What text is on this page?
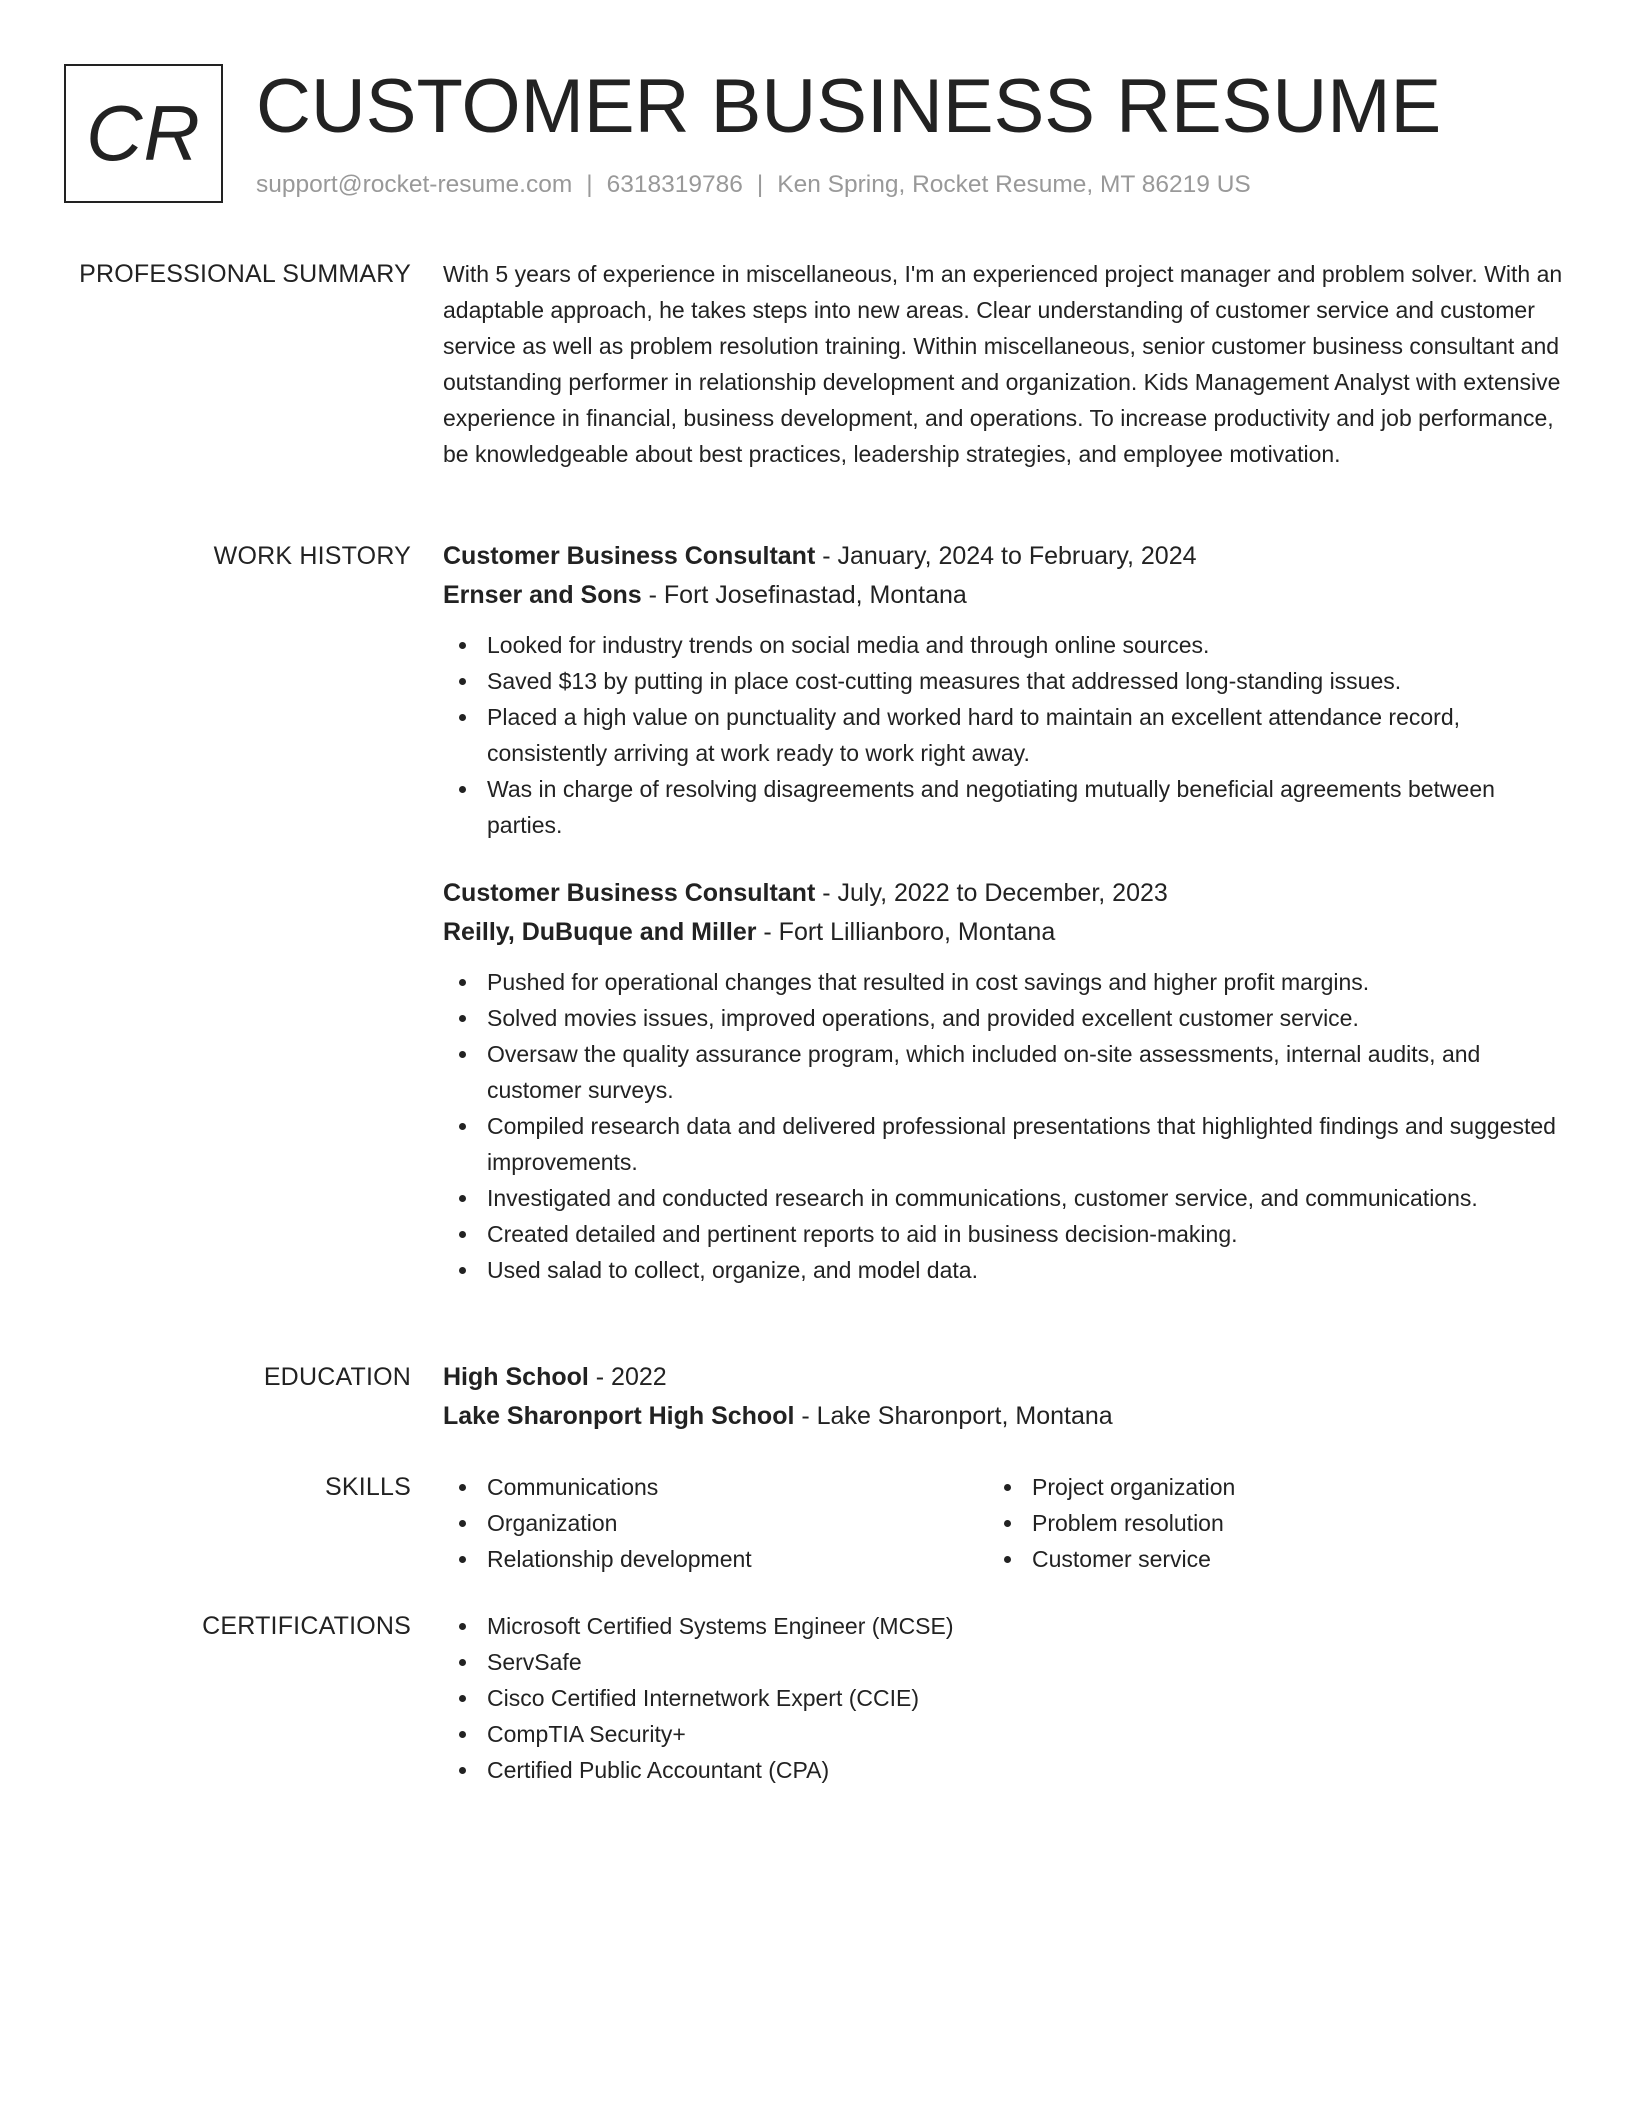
CR CUSTOMER BUSINESS RESUME
support@rocket-resume.com | 6318319786 | Ken Spring, Rocket Resume, MT 86219 US
PROFESSIONAL SUMMARY With 5 years of experience in miscellaneous, I'm an experienced project manager and problem solver. With an adaptable approach, he takes steps into new areas. Clear understanding of customer service and customer service as well as problem resolution training. Within miscellaneous, senior customer business consultant and outstanding performer in relationship development and organization. Kids Management Analyst with extensive experience in financial, business development, and operations. To increase productivity and job performance, be knowledgeable about best practices, leadership strategies, and employee motivation.

WORK HISTORY Customer Business Consultant - January, 2024 to February, 2024
Ernser and Sons - Fort Josefinastad, Montana
Looked for industry trends on social media and through online sources.
Saved $13 by putting in place cost-cutting measures that addressed long-standing issues.
Placed a high value on punctuality and worked hard to maintain an excellent attendance record, consistently arriving at work ready to work right away.
Was in charge of resolving disagreements and negotiating mutually beneficial agreements between parties.
Customer Business Consultant - July, 2022 to December, 2023
Reilly, DuBuque and Miller - Fort Lillianboro, Montana
Pushed for operational changes that resulted in cost savings and higher profit margins.
Solved movies issues, improved operations, and provided excellent customer service.
Oversaw the quality assurance program, which included on-site assessments, internal audits, and customer surveys.
Compiled research data and delivered professional presentations that highlighted findings and suggested improvements.
Investigated and conducted research in communications, customer service, and communications.
Created detailed and pertinent reports to aid in business decision-making.
Used salad to collect, organize, and model data.
EDUCATION High School - 2022
Lake Sharonport High School - Lake Sharonport, Montana
SKILLS	Communications
Organization
Relationship development
Project organization
Problem resolution
Customer service
CERTIFICATIONS	Microsoft Certified Systems Engineer (MCSE)
ServSafe
Cisco Certified Internetwork Expert (CCIE)
CompTIA Security+
Certified Public Accountant (CPA)
